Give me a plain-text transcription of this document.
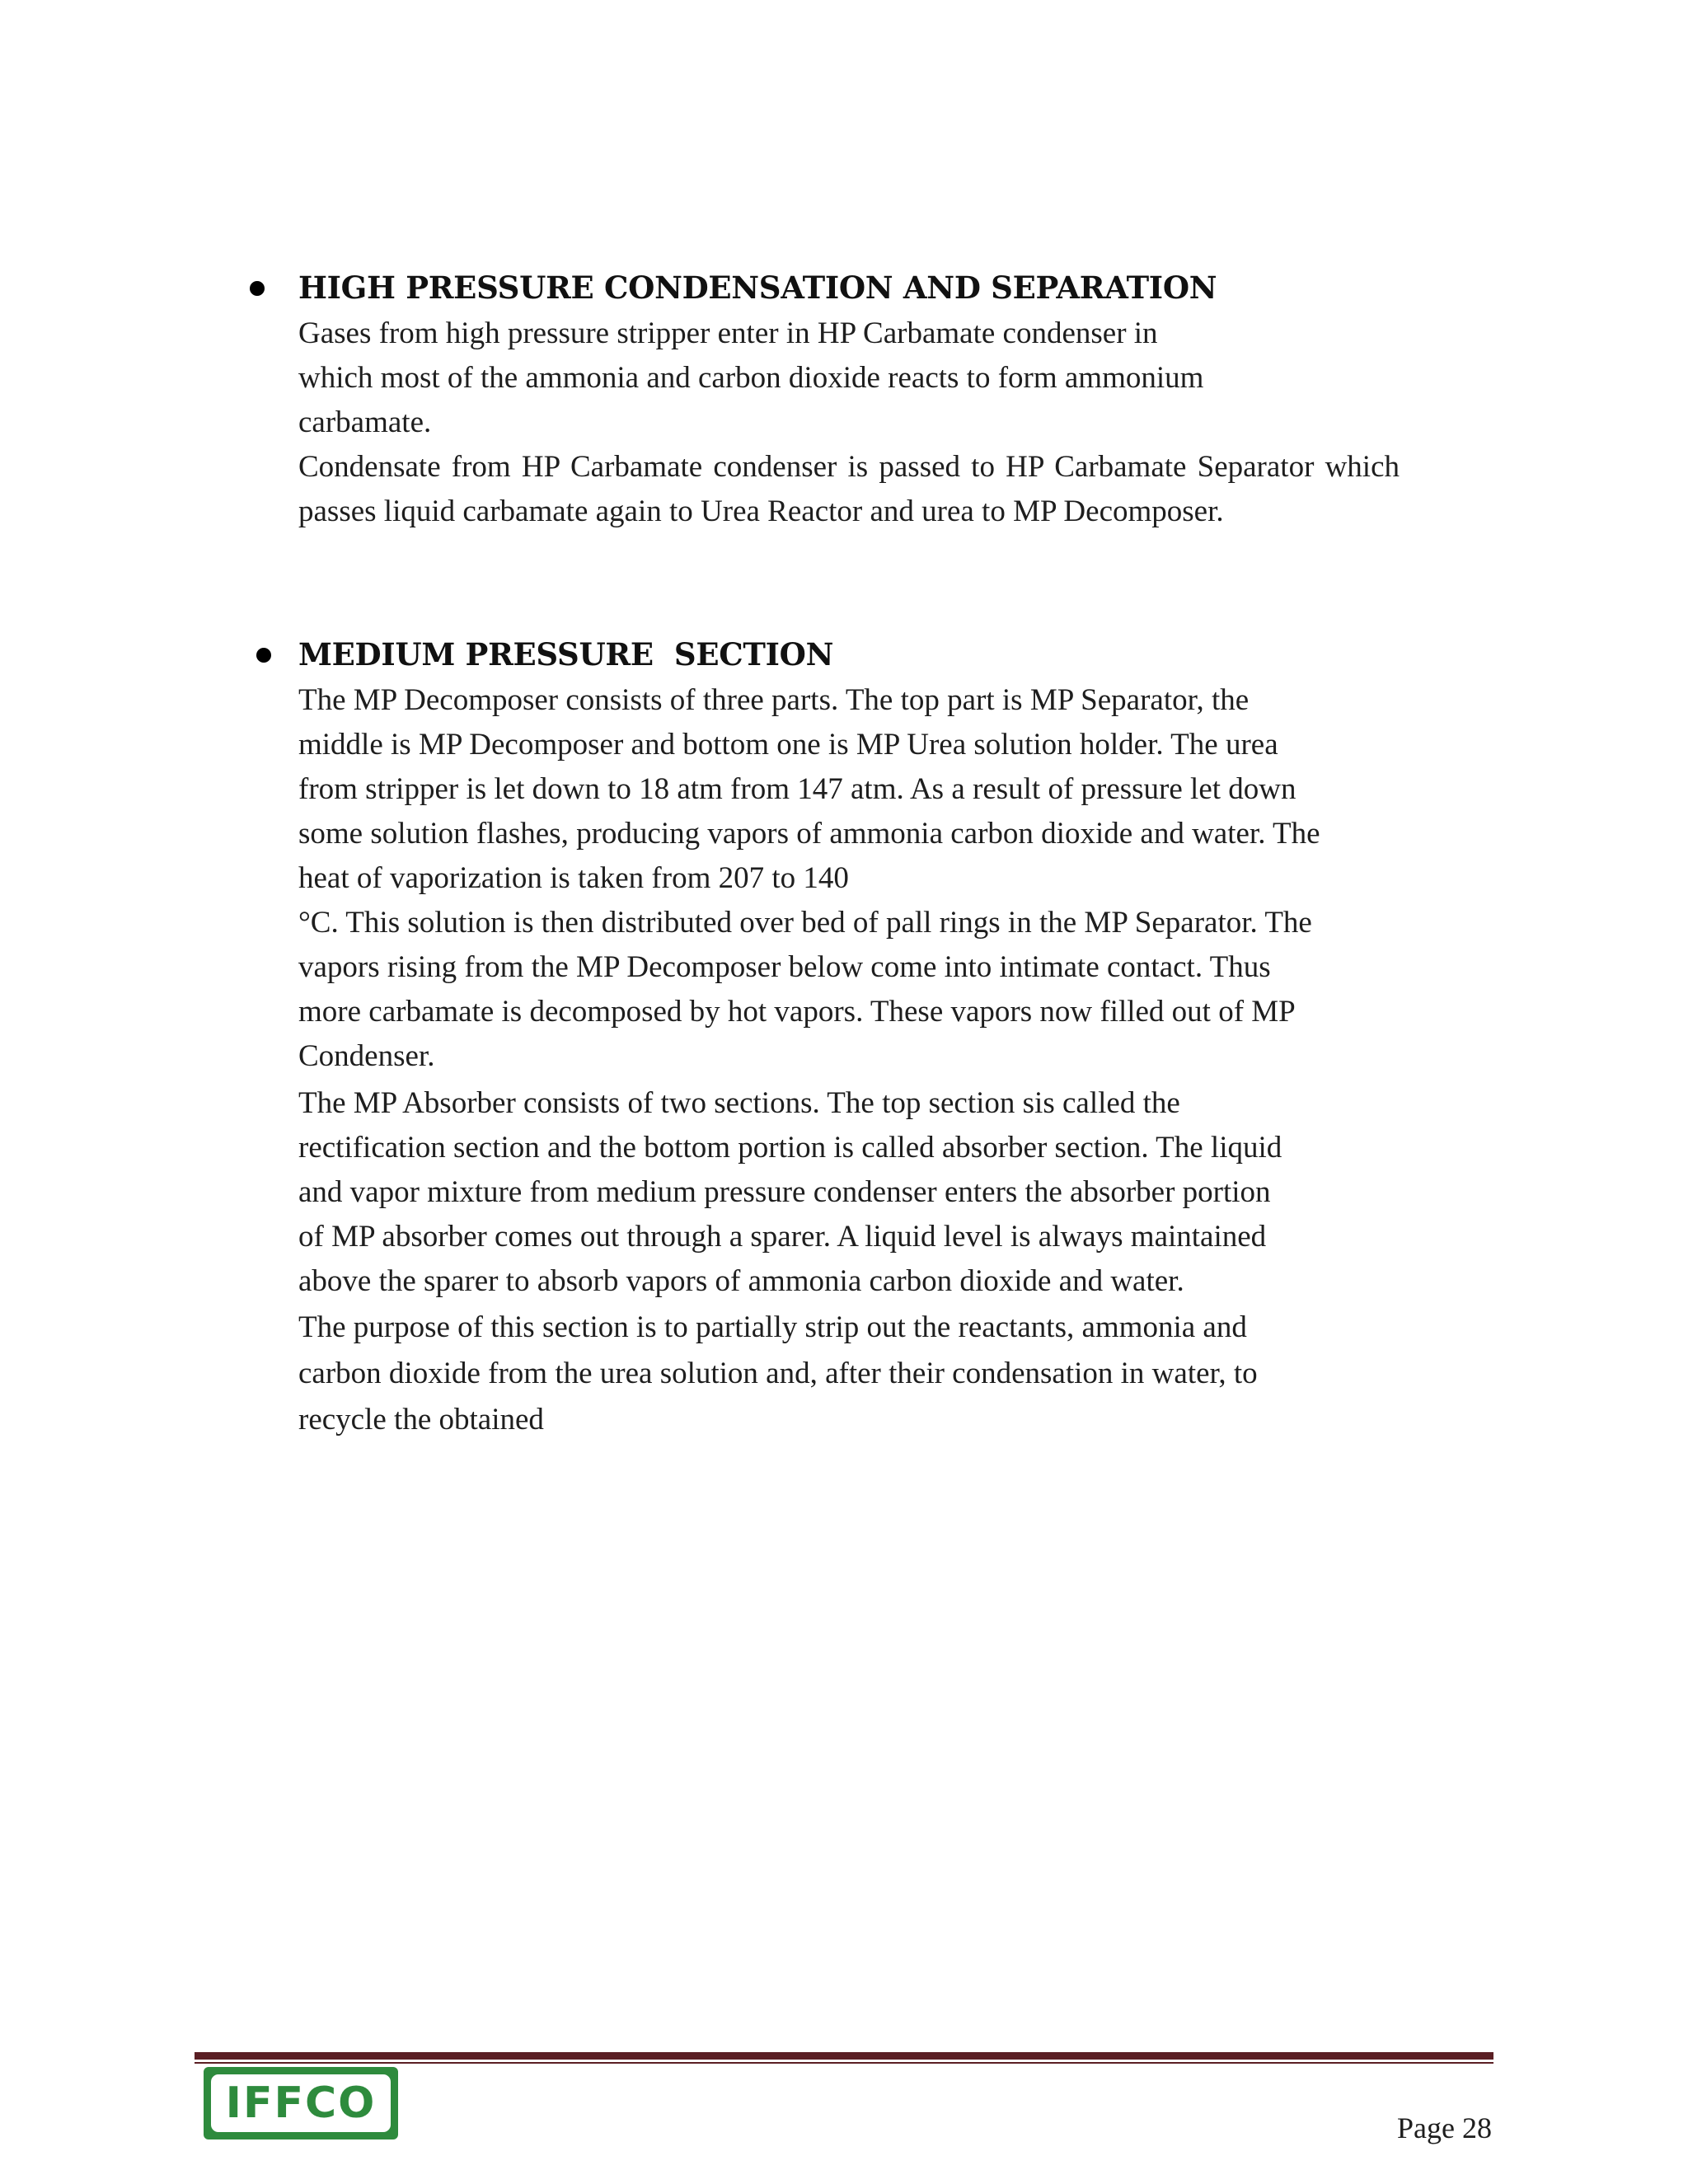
HIGH PRESSURE CONDENSATION AND SEPARATION
Gases from high pressure stripper enter in HP Carbamate condenser in
which most of the ammonia and carbon dioxide reacts to form ammonium
carbamate.

Condensate from HP Carbamate condenser is passed to HP Carbamate Separator which passes liquid carbamate again to Urea Reactor and urea to MP Decomposer.

MEDIUM PRESSURE  SECTION
The MP Decomposer consists of three parts. The top part is MP Separator, the
middle is MP Decomposer and bottom one is MP Urea solution holder. The urea
from stripper is let down to 18 atm from 147 atm. As a result of pressure let down
some solution flashes, producing vapors of ammonia carbon dioxide and water. The
heat of vaporization is taken from 207 to 140
°C. This solution is then distributed over bed of pall rings in the MP Separator. The
vapors rising from the MP Decomposer below come into intimate contact. Thus
more carbamate is decomposed by hot vapors. These vapors now filled out of MP
Condenser.
The MP Absorber consists of two sections. The top section sis called the
rectification section and the bottom portion is called absorber section. The liquid
and vapor mixture from medium pressure condenser enters the absorber portion
of MP absorber comes out through a sparer. A liquid level is always maintained
above the sparer to absorb vapors of ammonia carbon dioxide and water.
The purpose of this section is to partially strip out the reactants, ammonia and
carbon dioxide from the urea solution and, after their condensation in water, to
recycle the obtained
IFFCO	Page 28
